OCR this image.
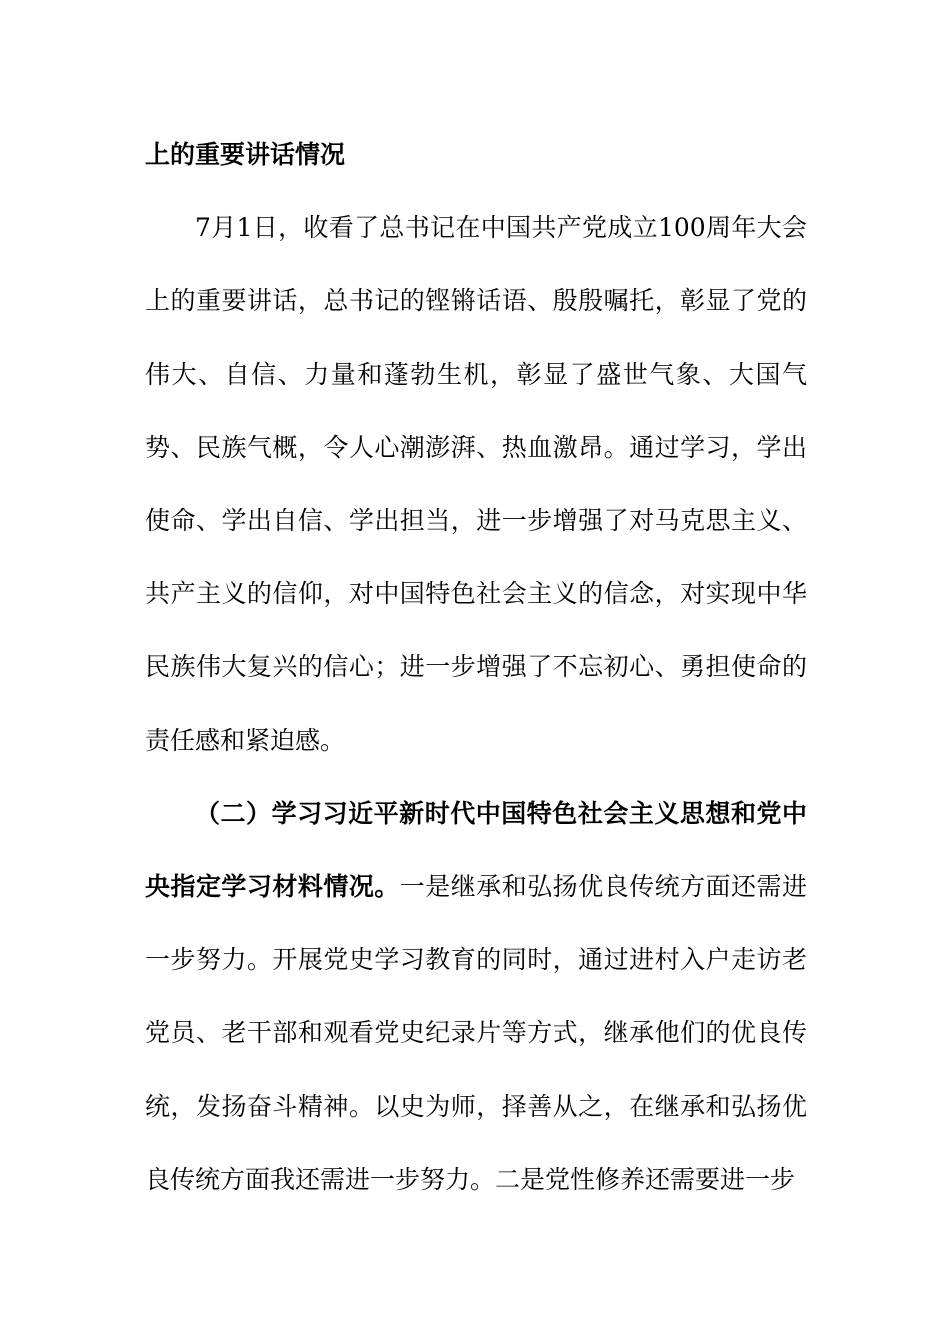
上的重要讲话情况

7月1日，收看了总书记在中国共产党成立100周年大会上的重要讲话，总书记的铿锵话语、殷殷嘱托，彰显了党的伟大、自信、力量和蓬勃生机，彰显了盛世气象、大国气势、民族气概，令人心潮澎湃、热血激昂。通过学习，学出使命、学出自信、学出担当，进一步增强了对马克思主义、共产主义的信仰，对中国特色社会主义的信念，对实现中华民族伟大复兴的信心；进一步增强了不忘初心、勇担使命的责任感和紧迫感。

（二）学习习近平新时代中国特色社会主义思想和党中央指定学习材料情况。一是继承和弘扬优良传统方面还需进一步努力。开展党史学习教育的同时，通过进村入户走访老党员、老干部和观看党史纪录片等方式，继承他们的优良传统，发扬奋斗精神。以史为师，择善从之，在继承和弘扬优良传统方面我还需进一步努力。二是党性修养还需要进一步
